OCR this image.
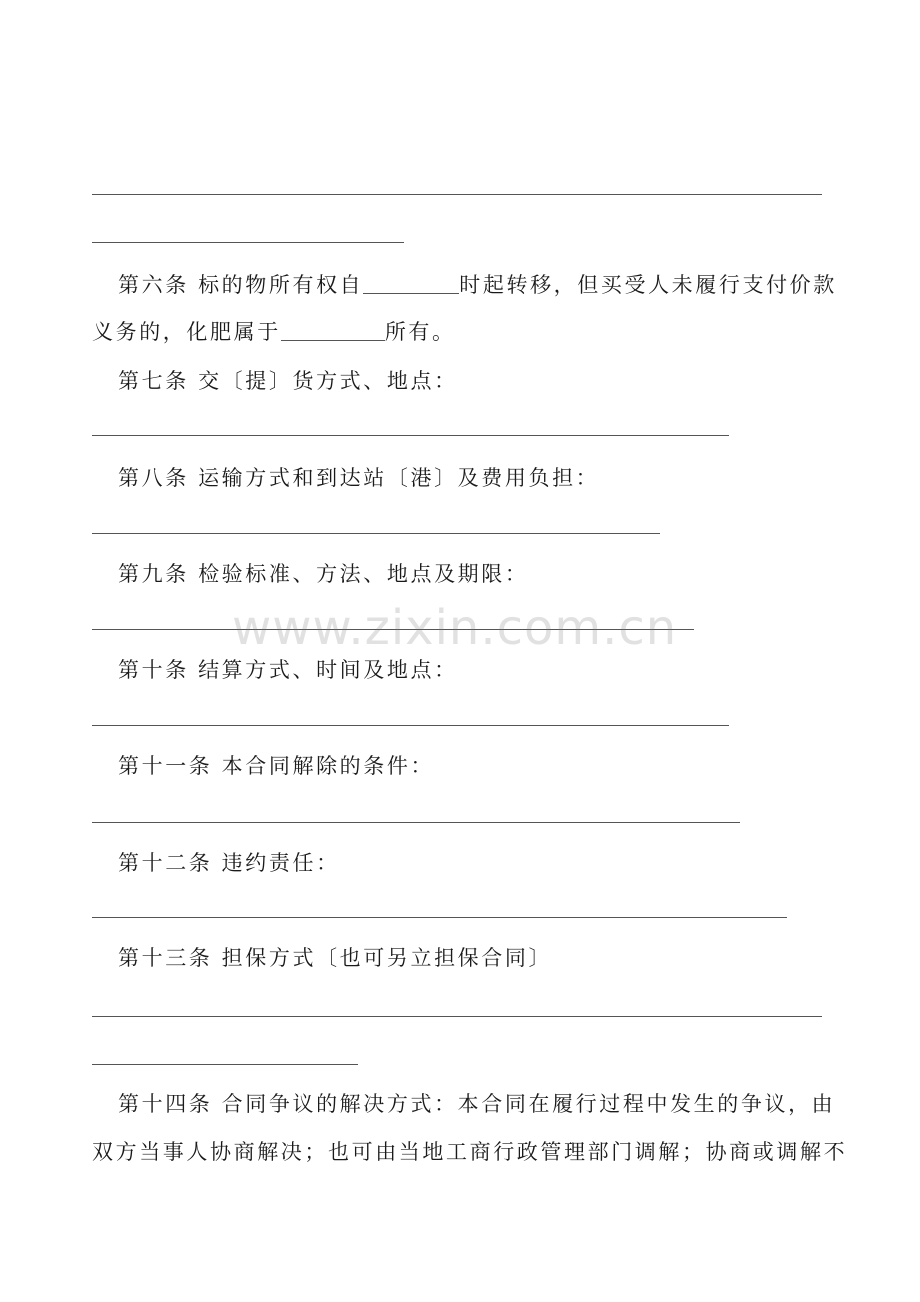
第六条 标的物所有权自	时起转移，但买受人未履行支付价款
义务的，化肥属于	所有。
第七条 交〔提〕货方式、地点：
第八条 运输方式和到达站〔港〕及费用负担：
第九条 检验标准、方法、地点及期限：
第十条 结算方式、时间及地点：
第十一条 本合同解除的条件：
第十二条 违约责任：
第十三条 担保方式〔也可另立担保合同〕
第十四条 合同争议的解决方式：本合同在履行过程中发生的争议，由
双方当事人协商解决；也可由当地工商行政管理部门调解；协商或调解不
www.zixin.com.cn
